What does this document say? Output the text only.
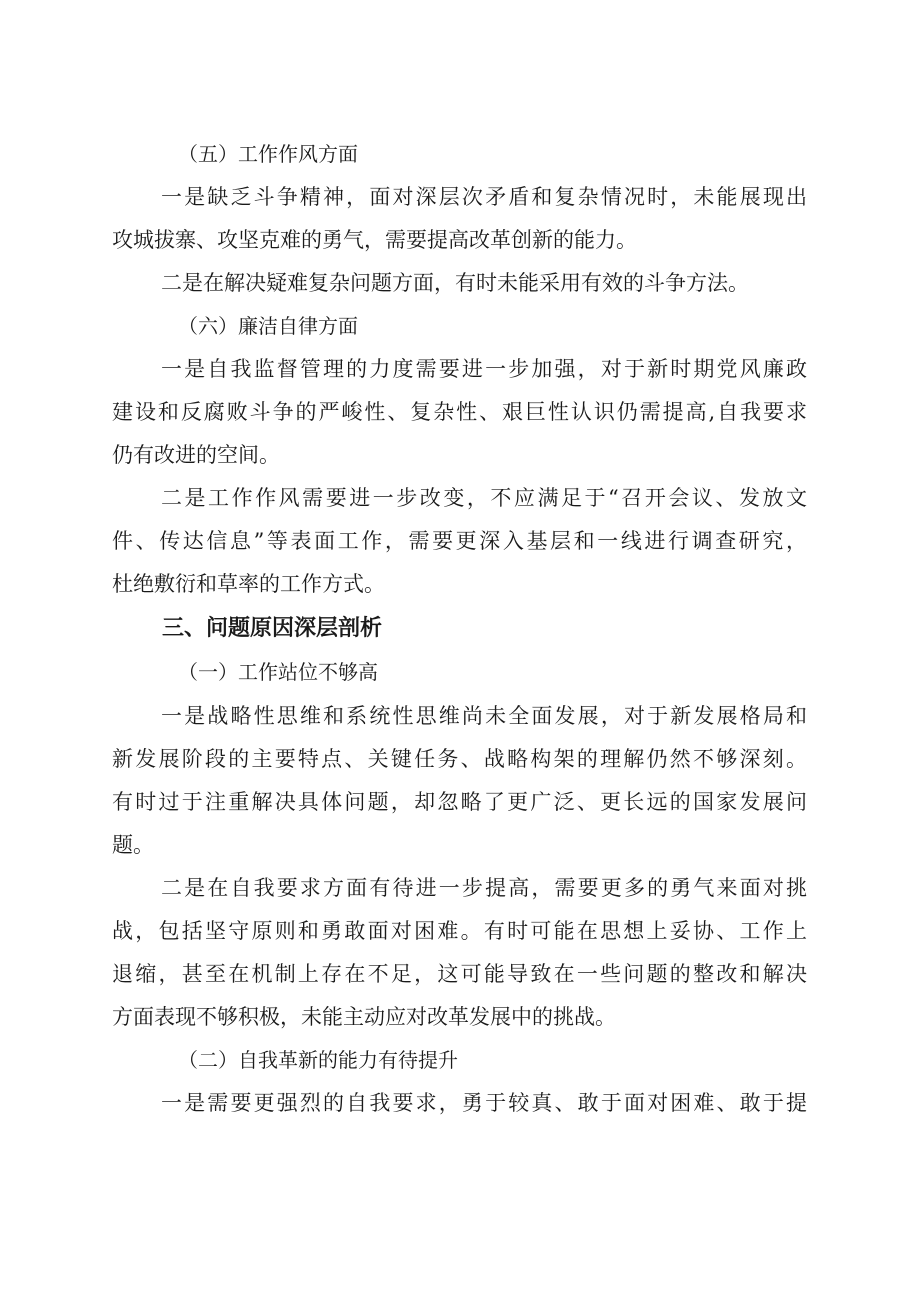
（五）工作作风方面

一是缺乏斗争精神，面对深层次矛盾和复杂情况时，未能展现出

攻城拔寨、攻坚克难的勇气，需要提高改革创新的能力。

二是在解决疑难复杂问题方面，有时未能采用有效的斗争方法。

（六）廉洁自律方面

一是自我监督管理的力度需要进一步加强，对于新时期党风廉政

建设和反腐败斗争的严峻性、复杂性、艰巨性认识仍需提高,自我要求

仍有改进的空间。

二是工作作风需要进一步改变，不应满足于“召开会议、发放文

件、传达信息”等表面工作，需要更深入基层和一线进行调查研究，

杜绝敷衍和草率的工作方式。

三、问题原因深层剖析

（一）工作站位不够高

一是战略性思维和系统性思维尚未全面发展，对于新发展格局和

新发展阶段的主要特点、关键任务、战略构架的理解仍然不够深刻。

有时过于注重解决具体问题，却忽略了更广泛、更长远的国家发展问

题。

二是在自我要求方面有待进一步提高，需要更多的勇气来面对挑

战，包括坚守原则和勇敢面对困难。有时可能在思想上妥协、工作上

退缩，甚至在机制上存在不足，这可能导致在一些问题的整改和解决

方面表现不够积极，未能主动应对改革发展中的挑战。

（二）自我革新的能力有待提升

一是需要更强烈的自我要求，勇于较真、敢于面对困难、敢于提
